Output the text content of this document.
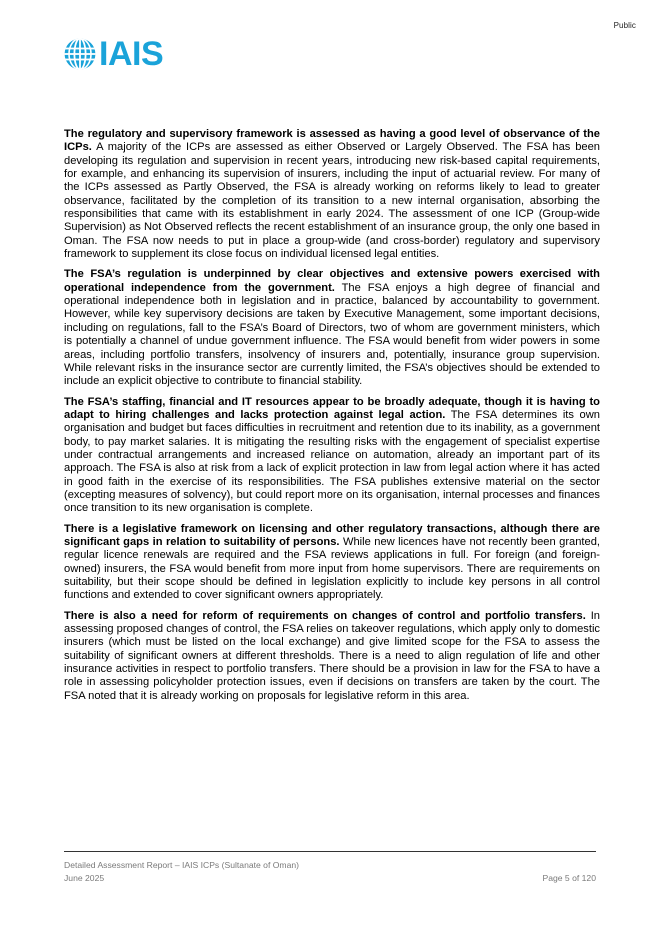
Public
IAIS

The regulatory and supervisory framework is assessed as having a good level of observance of the ICPs. A majority of the ICPs are assessed as either Observed or Largely Observed. The FSA has been developing its regulation and supervision in recent years, introducing new risk-based capital requirements, for example, and enhancing its supervision of insurers, including the input of actuarial review. For many of the ICPs assessed as Partly Observed, the FSA is already working on reforms likely to lead to greater observance, facilitated by the completion of its transition to a new internal organisation, absorbing the responsibilities that came with its establishment in early 2024. The assessment of one ICP (Group-wide Supervision) as Not Observed reflects the recent establishment of an insurance group, the only one based in Oman. The FSA now needs to put in place a group-wide (and cross-border) regulatory and supervisory framework to supplement its close focus on individual licensed legal entities.

The FSA’s regulation is underpinned by clear objectives and extensive powers exercised with operational independence from the government. The FSA enjoys a high degree of financial and operational independence both in legislation and in practice, balanced by accountability to government. However, while key supervisory decisions are taken by Executive Management, some important decisions, including on regulations, fall to the FSA’s Board of Directors, two of whom are government ministers, which is potentially a channel of undue government influence. The FSA would benefit from wider powers in some areas, including portfolio transfers, insolvency of insurers and, potentially, insurance group supervision. While relevant risks in the insurance sector are currently limited, the FSA’s objectives should be extended to include an explicit objective to contribute to financial stability.

The FSA’s staffing, financial and IT resources appear to be broadly adequate, though it is having to adapt to hiring challenges and lacks protection against legal action. The FSA determines its own organisation and budget but faces difficulties in recruitment and retention due to its inability, as a government body, to pay market salaries. It is mitigating the resulting risks with the engagement of specialist expertise under contractual arrangements and increased reliance on automation, already an important part of its approach. The FSA is also at risk from a lack of explicit protection in law from legal action where it has acted in good faith in the exercise of its responsibilities. The FSA publishes extensive material on the sector (excepting measures of solvency), but could report more on its organisation, internal processes and finances once transition to its new organisation is complete.

There is a legislative framework on licensing and other regulatory transactions, although there are significant gaps in relation to suitability of persons. While new licences have not recently been granted, regular licence renewals are required and the FSA reviews applications in full. For foreign (and foreign-owned) insurers, the FSA would benefit from more input from home supervisors. There are requirements on suitability, but their scope should be defined in legislation explicitly to include key persons in all control functions and extended to cover significant owners appropriately.

There is also a need for reform of requirements on changes of control and portfolio transfers. In assessing proposed changes of control, the FSA relies on takeover regulations, which apply only to domestic insurers (which must be listed on the local exchange) and give limited scope for the FSA to assess the suitability of significant owners at different thresholds. There is a need to align regulation of life and other insurance activities in respect to portfolio transfers. There should be a provision in law for the FSA to have a role in assessing policyholder protection issues, even if decisions on transfers are taken by the court. The FSA noted that it is already working on proposals for legislative reform in this area.

Detailed Assessment Report – IAIS ICPs (Sultanate of Oman)
June 2025	Page 5 of 120
